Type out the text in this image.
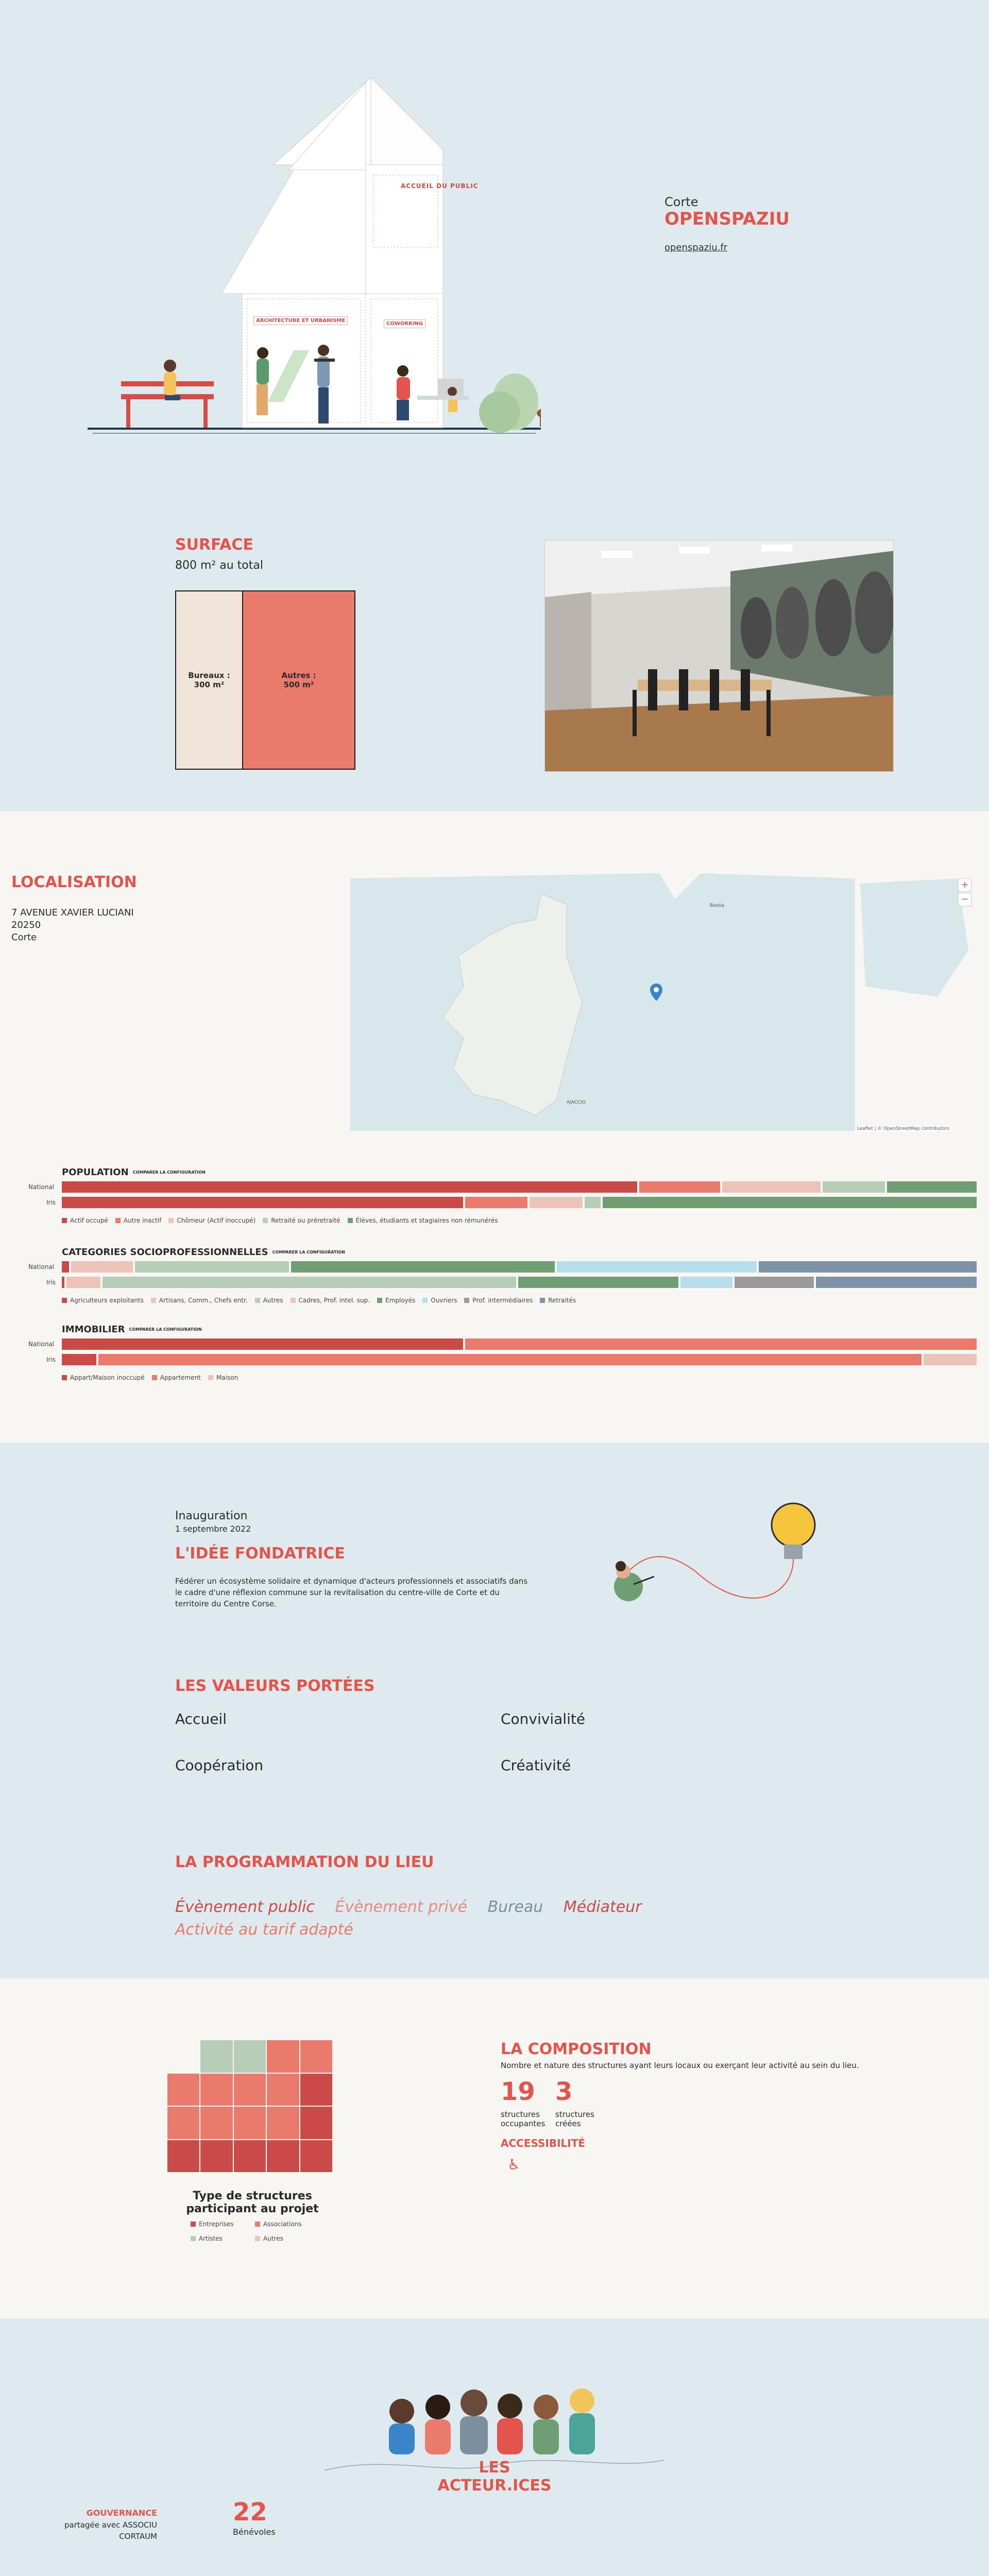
ACCUEIL DU PUBLIC
ARCHITECTURE ET URBANISME
COWORKING
Corte
OPENSPAZIU
openspaziu.fr
SURFACE
800 m² au total
Bureaux :
300 m²
Autres :
500 m²
LOCALISATION
7 AVENUE XAVIER LUCIANI
20250
Corte
Bastia
AJACCIO
+
−
Leaflet | © OpenStreetMap contributors
POPULATION COMPARER LA CONFIGURATION
National
Iris
Actif occupé	Autre inactif	Chômeur (Actif inoccupé)	Retraité ou préretraité	Élèves, étudiants et stagiaires non rémunérés
CATEGORIES SOCIOPROFESSIONNELLES COMPARER LA CONFIGURATION
National
Iris
Agriculteurs exploitants	Artisans, Comm., Chefs entr.	Autres	Cadres, Prof. intel. sup.	Employés	Ouvriers	Prof. intermédiaires	Retraités
IMMOBILIER COMPARER LA CONFIGURATION
National
Iris
Appart/Maison inoccupé	Appartement	Maison
Inauguration
1 septembre 2022
L'IDÉE FONDATRICE
Fédérer un écosystème solidaire et dynamique d'acteurs professionnels et associatifs dans le cadre d'une réflexion commune sur la revitalisation du centre-ville de Corte et du territoire du Centre Corse.
LES VALEURS PORTÉES
Accueil	Convivialité
Coopération	Créativité
LA PROGRAMMATION DU LIEU
Évènement public Évènement privé Bureau Médiateur
Activité au tarif adapté
Type de structures participant au projet
Entreprises	Associations
Artistes	Autres
LA COMPOSITION
Nombre et nature des structures ayant leurs locaux ou exerçant leur activité au sein du lieu.
19
structures occupantes
3
structures créées
ACCESSIBILITÉ
♿
LES ACTEUR.ICES
GOUVERNANCE
partagée avec ASSOCIU
CORTAUM
22
Bénévoles
